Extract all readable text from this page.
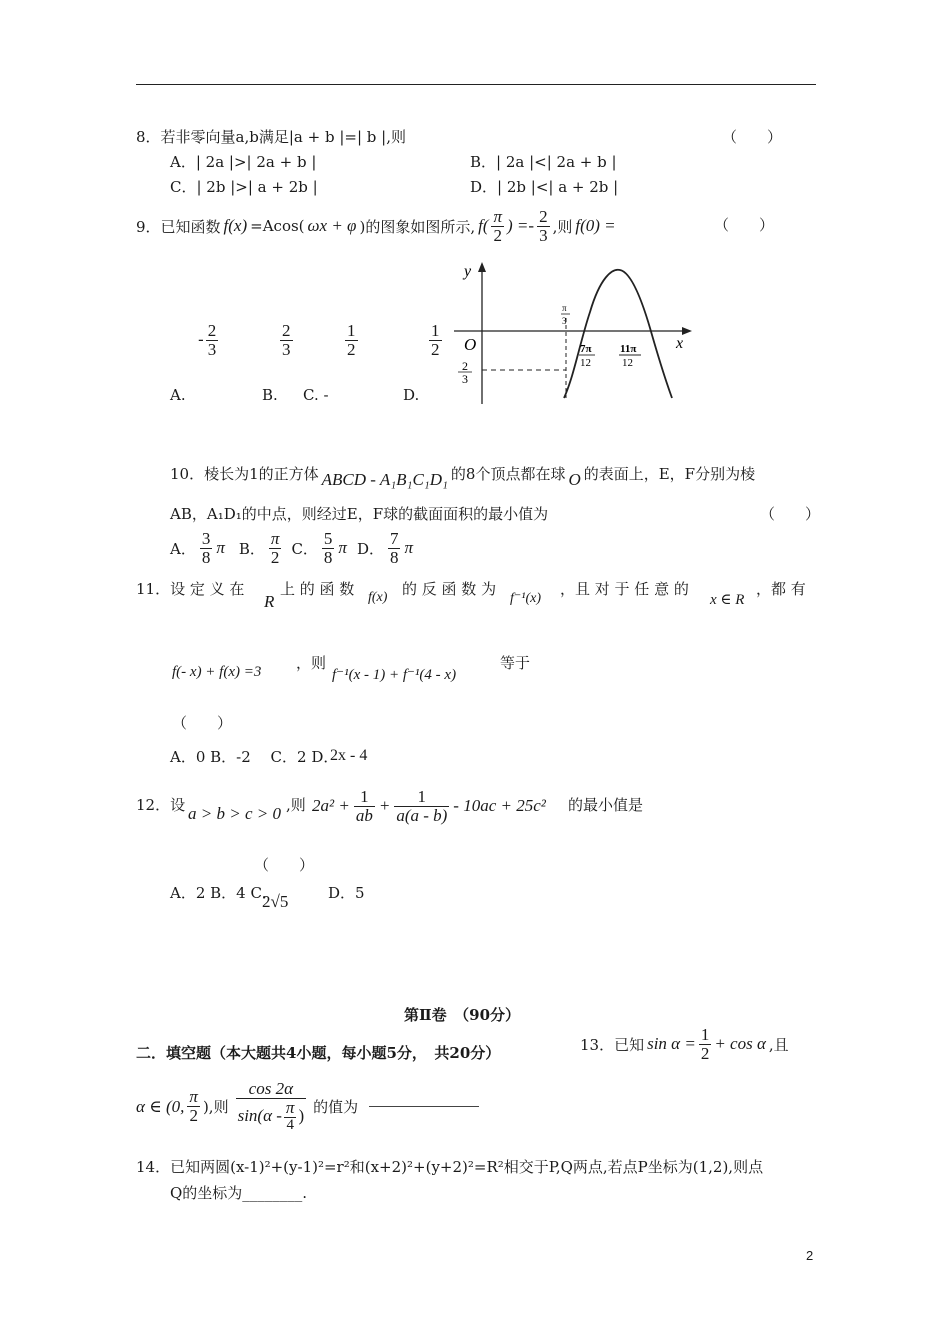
8．若非零向量a,b满足|a + b |=| b |,则	（　　）
A．| 2a |>| 2a + b |	B．| 2a |<| 2a + b |
C．| 2b |>| a + 2b |	D．| 2b |<| a + 2b |
9．已知函数 f(x) =Acos( ωx + φ )的图象如图所示, $f( \frac{\pi}{2}$ ) =- $\frac{2}{3}$ ,则 f(0) =	（　　）
- $\frac{2}{3}$	$\frac{2}{3}$	$\frac{1}{2}$	$\frac{1}{2}$
A.	B. C. -	D.
y
x
O
π
3
7π
12
11π
12
2
3
10．棱长为1的正方体 ABCD - A₁B₁C₁D₁ 的8个顶点都在球 O 的表面上，E，F分别为棱
AB，A₁D₁的中点，则经过E，F球的截面面积的最小值为	（　　）
A． $\frac{3}{8}$ π B． $\frac{\pi}{2}$ C． $\frac{5}{8}$ π D． $\frac{7}{8}$ π
11．设 定 义 在
R
上 的 函 数 f(x) 的 反 函 数 为
f⁻¹(x)
，且 对 于 任 意 的
x ∈ R
，都 有
f(- x) + f(x) =3 ，则
f⁻¹(x - 1) + f⁻¹(4 - x)
等于
（　　）
A．0 B．-2　 C．2 D．
2x - 4
12．设 a > b > c > 0 ,则 $2a^2 + \frac{1}{ab} + \frac{1}{a(a - b)} - 10ac + 25c^2$ 的最小值是
（　　）
A．2 B．4 C．
2√5	D．5
第Ⅱ卷　（90分）
二．填空题（本大题共4小题，每小题5分，　共20分）	13．已知 $\sin \alpha = \frac{1}{2} + \cos \alpha$ ,且
α ∈ (0, $\frac{\pi}{2}$ ),则 $\frac{\cos 2\alpha}{\sin(\alpha - \frac{\pi}{4} )}$ 的值为
14．已知两圆(x-1)²+(y-1)²=r²和(x+2)²+(y+2)²=R²相交于P,Q两点,若点P坐标为(1,2),则点
Q的坐标为________.
2
